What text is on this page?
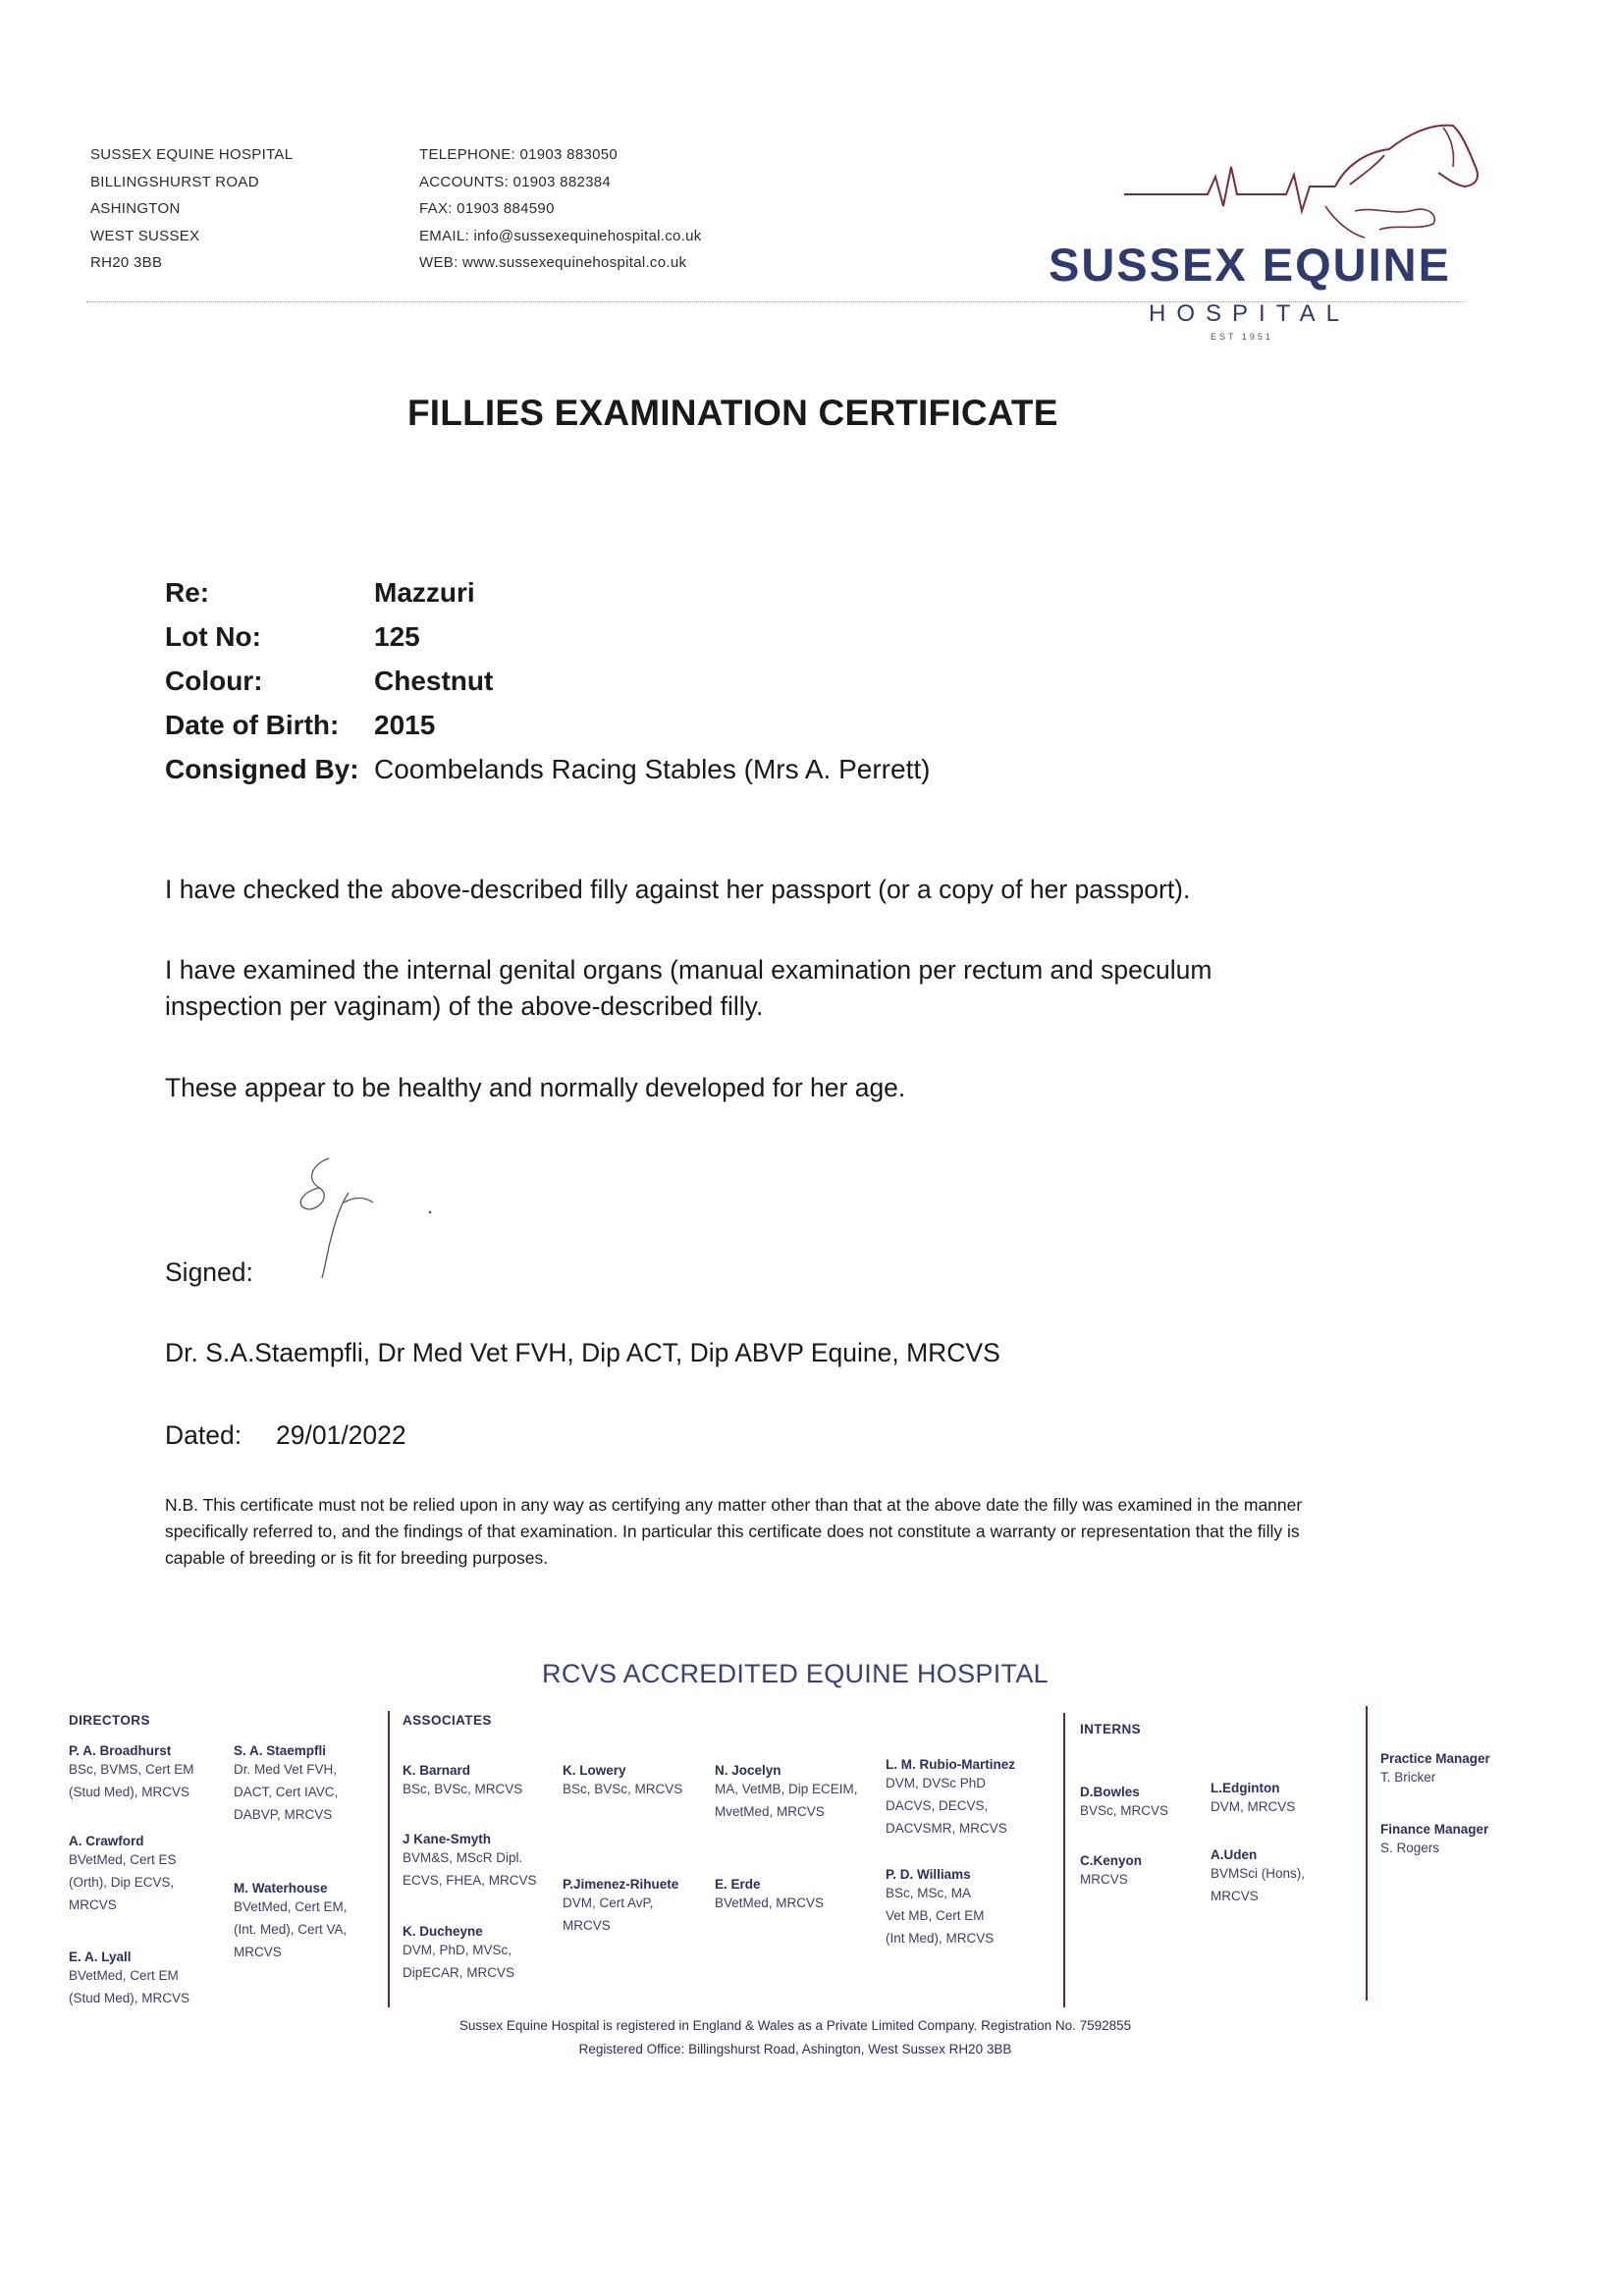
SUSSEX EQUINE HOSPITAL
BILLINGSHURST ROAD
ASHINGTON
WEST SUSSEX
RH20 3BB
TELEPHONE: 01903 883050
ACCOUNTS: 01903 882384
FAX: 01903 884590
EMAIL: info@sussexequinehospital.co.uk
WEB: www.sussexequinehospital.co.uk	SUSSEX EQUINE
HOSPITAL
EST 1951
FILLIES EXAMINATION CERTIFICATE
Re:	Mazzuri
Lot No:	125
Colour:	Chestnut
Date of Birth: 2015
Consigned By: Coombelands Racing Stables (Mrs A. Perrett)
I have checked the above-described filly against her passport (or a copy of her passport).
I have examined the internal genital organs (manual examination per rectum and speculum inspection per vaginam) of the above-described filly.
These appear to be healthy and normally developed for her age.
Signed:
Dr. S.A.Staempfli, Dr Med Vet FVH, Dip ACT, Dip ABVP Equine, MRCVS
Dated: 29/01/2022
N.B. This certificate must not be relied upon in any way as certifying any matter other than that at the above date the filly was examined in the manner specifically referred to, and the findings of that examination. In particular this certificate does not constitute a warranty or representation that the filly is capable of breeding or is fit for breeding purposes.
RCVS ACCREDITED EQUINE HOSPITAL
DIRECTORS	ASSOCIATES
INTERNS
P. A. Broadhurst
BSc, BVMS, Cert EM
(Stud Med), MRCVS
A. Crawford
BVetMed, Cert ES
(Orth), Dip ECVS,
MRCVS
E. A. Lyall
BVetMed, Cert EM
(Stud Med), MRCVS
S. A. Staempfli
Dr. Med Vet FVH,
DACT, Cert IAVC,
DABVP, MRCVS
M. Waterhouse
BVetMed, Cert EM,
(Int. Med), Cert VA,
MRCVS
K. Barnard
BSc, BVSc, MRCVS
J Kane-Smyth
BVM&S, MScR Dipl.
ECVS, FHEA, MRCVS
K. Ducheyne
DVM, PhD, MVSc,
DipECAR, MRCVS
K. Lowery
BSc, BVSc, MRCVS
P.Jimenez-Rihuete
DVM, Cert AvP,
MRCVS
N. Jocelyn
MA, VetMB, Dip ECEIM,
MvetMed, MRCVS
E. Erde
BVetMed, MRCVS
L. M. Rubio-Martinez
DVM, DVSc PhD
DACVS, DECVS,
DACVSMR, MRCVS
P. D. Williams
BSc, MSc, MA
Vet MB, Cert EM
(Int Med), MRCVS
D.Bowles
BVSc, MRCVS
C.Kenyon
MRCVS
L.Edginton
DVM, MRCVS
A.Uden
BVMSci (Hons),
MRCVS
Practice Manager
T. Bricker
Finance Manager
S. Rogers
Sussex Equine Hospital is registered in England & Wales as a Private Limited Company. Registration No. 7592855
Registered Office: Billingshurst Road, Ashington, West Sussex RH20 3BB
